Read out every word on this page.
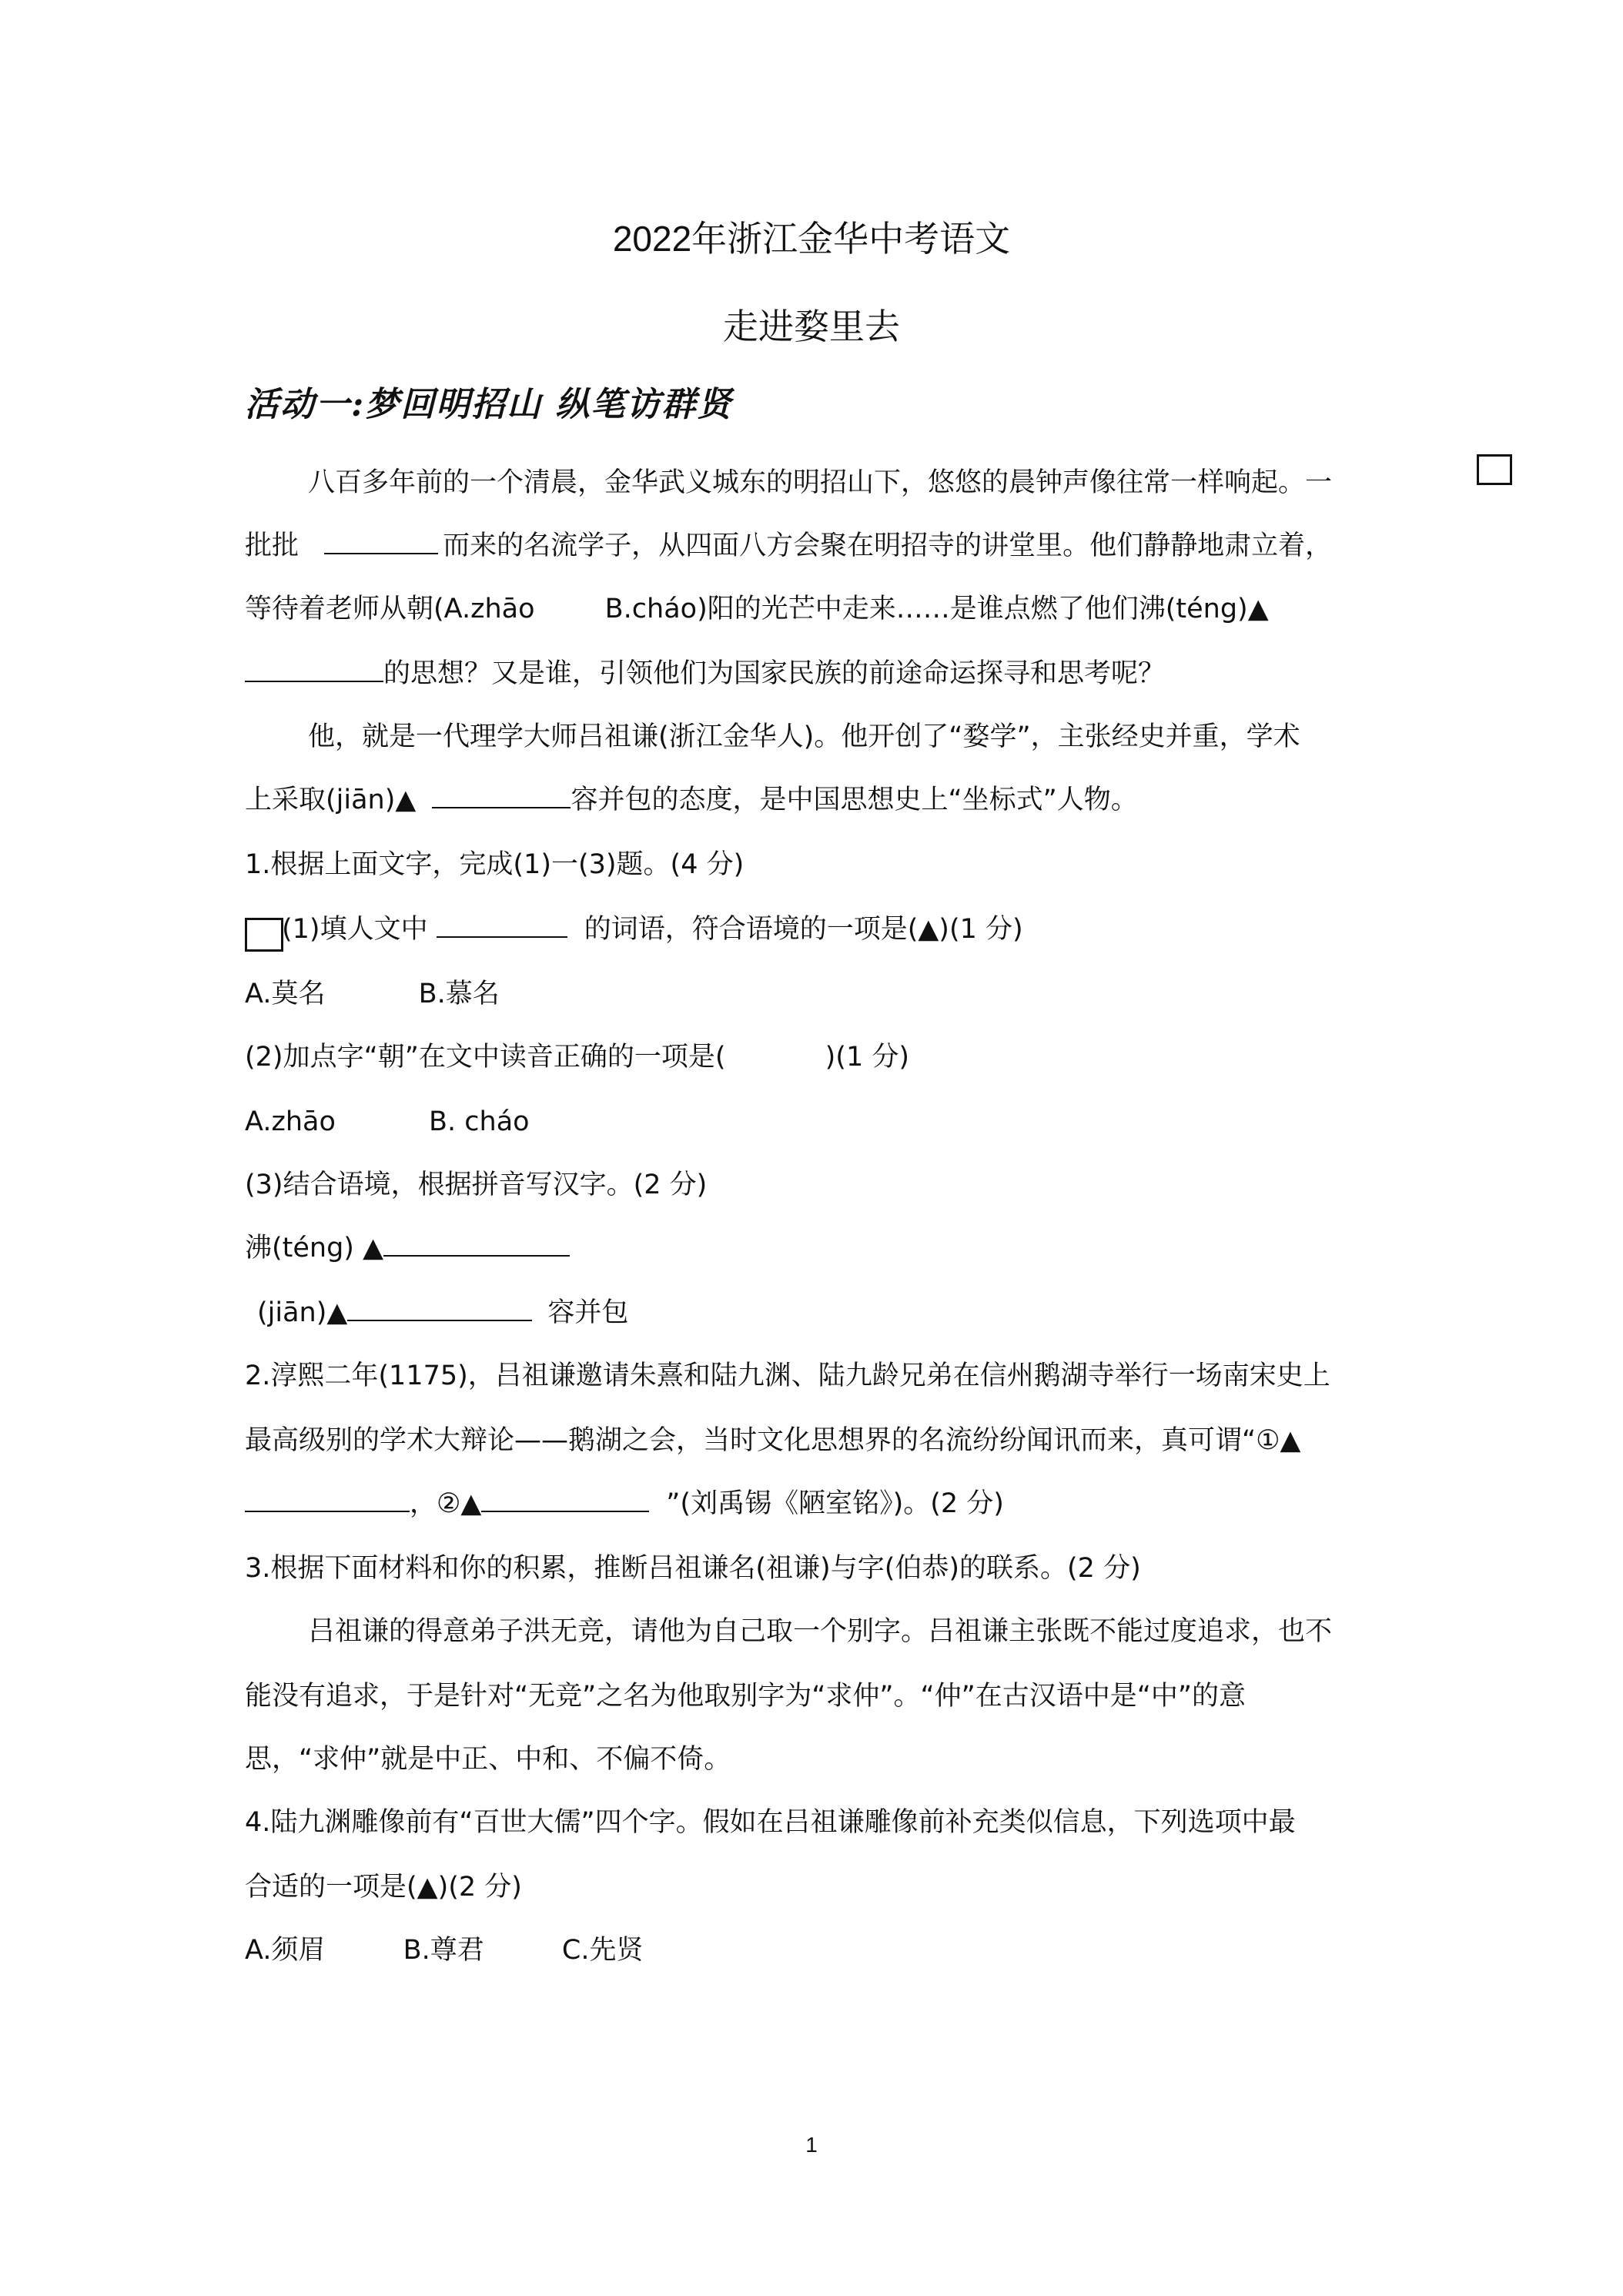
2022年浙江金华中考语文
走进婺里去
活动一:梦回明招山 纵笔访群贤
八百多年前的一个清晨，金华武义城东的明招山下，悠悠的晨钟声像往常一样响起。一
批批	而来的名流学子，从四面八方会聚在明招寺的讲堂里。他们静静地肃立着，
等待着老师从朝(A.zhāo	B.cháo)阳的光芒中走来……是谁点燃了他们沸(téng)▲
的思想？又是谁，引领他们为国家民族的前途命运探寻和思考呢？
他，就是一代理学大师吕祖谦(浙江金华人)。他开创了“婺学”，主张经史并重，学术
上采取(jiān)▲	容并包的态度，是中国思想史上“坐标式”人物。
1.根据上面文字，完成(1)一(3)题。(4 分)
(1)填人文中	的词语，符合语境的一项是(▲)(1 分)
A.莫名	B.慕名
(2)加点字“朝”在文中读音正确的一项是(	)(1 分)
A.zhāo	B. cháo
(3)结合语境，根据拼音写汉字。(2 分)
沸(téng) ▲
(jiān)▲	容并包
2.淳熙二年(1175)，吕祖谦邀请朱熹和陆九渊、陆九龄兄弟在信州鹅湖寺举行一场南宋史上
最高级别的学术大辩论——鹅湖之会，当时文化思想界的名流纷纷闻讯而来，真可谓“①▲
，②▲	”(刘禹锡《陋室铭》)。(2 分)
3.根据下面材料和你的积累，推断吕祖谦名(祖谦)与字(伯恭)的联系。(2 分)
吕祖谦的得意弟子洪无竞，请他为自己取一个别字。吕祖谦主张既不能过度追求，也不
能没有追求，于是针对“无竞”之名为他取别字为“求仲”。“仲”在古汉语中是“中”的意
思，“求仲”就是中正、中和、不偏不倚。
4.陆九渊雕像前有“百世大儒”四个字。假如在吕祖谦雕像前补充类似信息，下列选项中最
合适的一项是(▲)(2 分)
A.须眉	B.尊君	C.先贤
1
